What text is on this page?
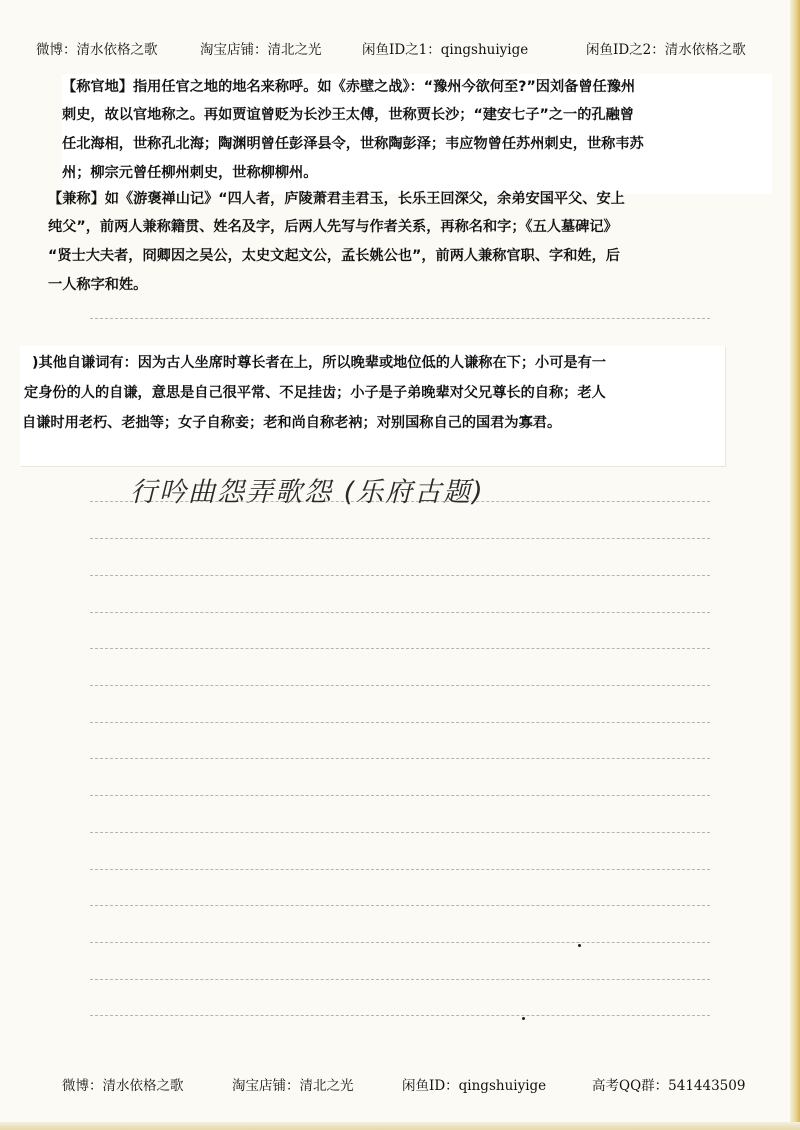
微博：清水依格之歌	淘宝店铺：清北之光	闲鱼ID之1：qingshuiyige	闲鱼ID之2：清水依格之歌
【称官地】指用任官之地的地名来称呼。如《赤壁之战》：“豫州今欲何至?”因刘备曾任豫州
刺史，故以官地称之。再如贾谊曾贬为长沙王太傅，世称贾长沙；“建安七子”之一的孔融曾
任北海相，世称孔北海；陶渊明曾任彭泽县令，世称陶彭泽；韦应物曾任苏州刺史，世称韦苏
州；柳宗元曾任柳州刺史，世称柳柳州。
【兼称】如《游褒禅山记》“四人者，庐陵萧君圭君玉，长乐王回深父，余弟安国平父、安上
纯父”，前两人兼称籍贯、姓名及字，后两人先写与作者关系，再称名和字；《五人墓碑记》
“贤士大夫者，冏卿因之吴公，太史文起文公，孟长姚公也”，前两人兼称官职、字和姓，后
一人称字和姓。
)其他自谦词有：因为古人坐席时尊长者在上，所以晚辈或地位低的人谦称在下；小可是有一
定身份的人的自谦，意思是自己很平常、不足挂齿；小子是子弟晚辈对父兄尊长的自称；老人
自谦时用老朽、老拙等；女子自称妾；老和尚自称老衲；对别国称自己的国君为寡君。
行吟曲怨弄歌怨 (乐府古题)
微博：清水依格之歌	淘宝店铺：清北之光	闲鱼ID：qingshuiyige	高考QQ群：541443509
